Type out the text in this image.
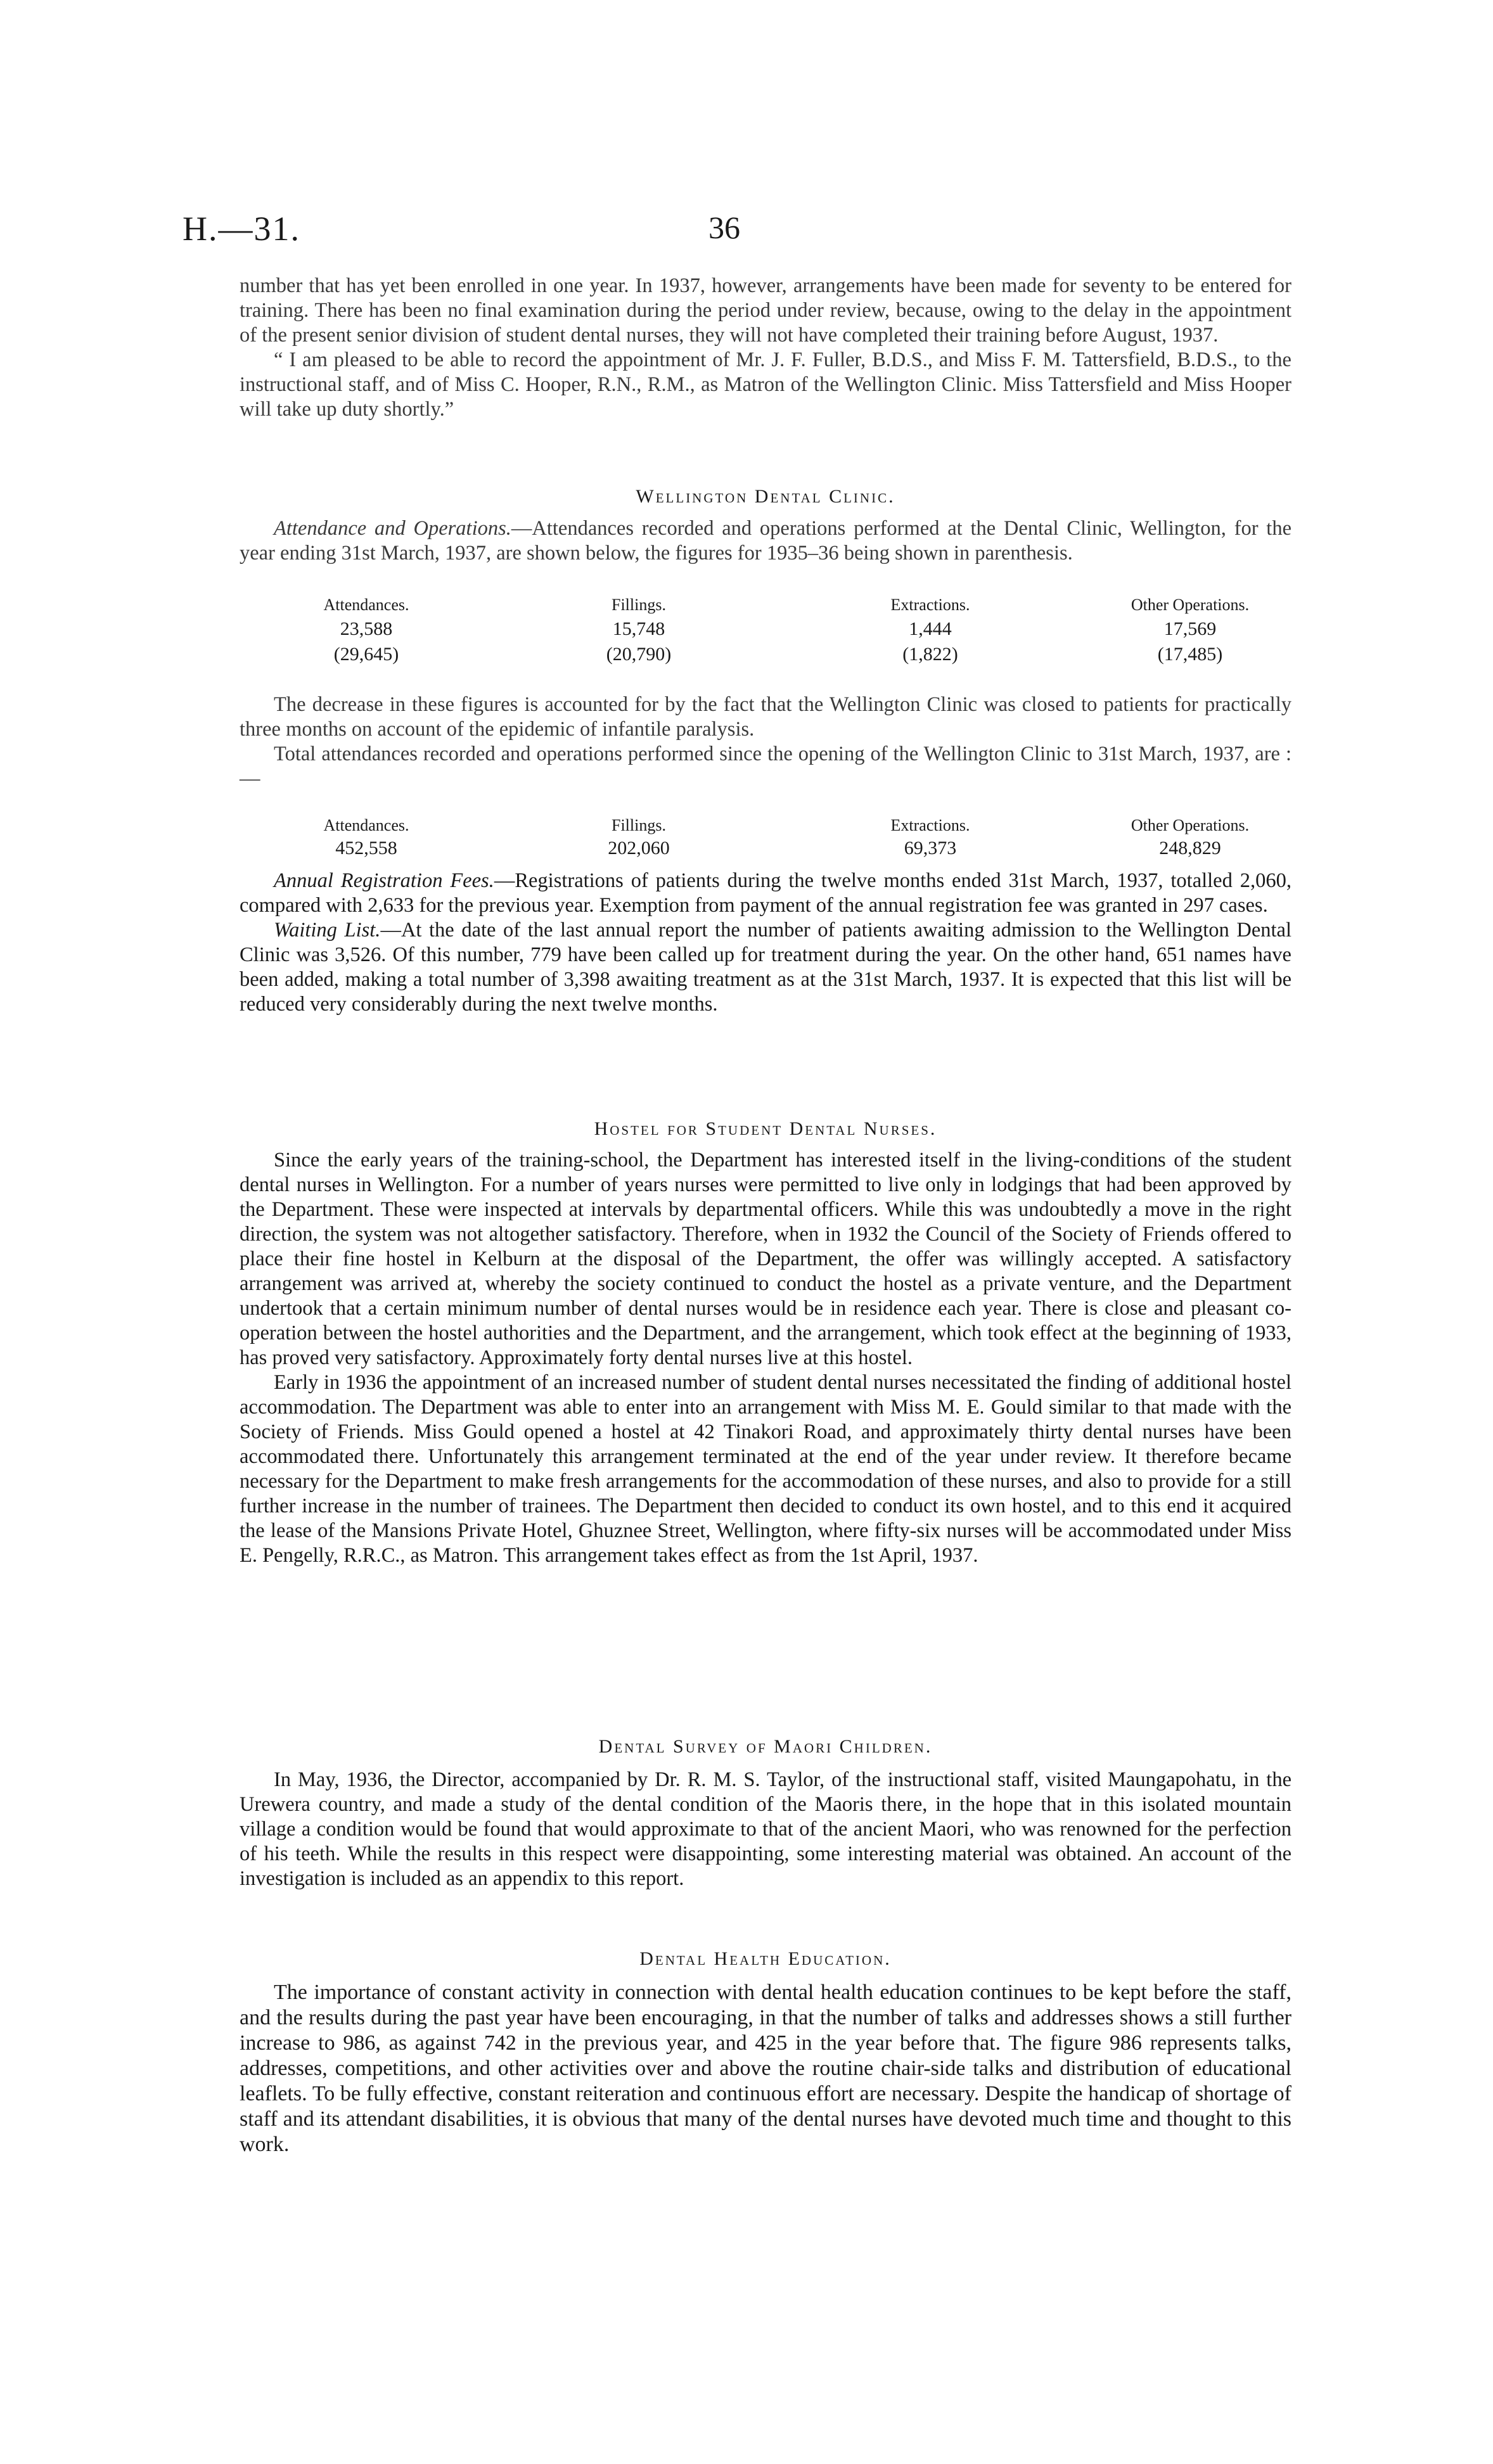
H.—31.	36

number that has yet been enrolled in one year. In 1937, however, arrangements have been made for seventy to be entered for training. There has been no final examination during the period under review, because, owing to the delay in the appointment of the present senior division of student dental nurses, they will not have completed their training before August, 1937.

“ I am pleased to be able to record the appointment of Mr. J. F. Fuller, B.D.S., and Miss F. M. Tattersfield, B.D.S., to the instructional staff, and of Miss C. Hooper, R.N., R.M., as Matron of the Wellington Clinic. Miss Tattersfield and Miss Hooper will take up duty shortly.”

Wellington Dental Clinic.

Attendance and Operations.—Attendances recorded and operations performed at the Dental Clinic, Wellington, for the year ending 31st March, 1937, are shown below, the figures for 1935–36 being shown in parenthesis.

Attendances.	Fillings.	Extractions.	Other Operations.
23,588	15,748	1,444	17,569
(29,645)	(20,790)	(1,822)	(17,485)

The decrease in these figures is accounted for by the fact that the Wellington Clinic was closed to patients for practically three months on account of the epidemic of infantile paralysis.

Total attendances recorded and operations performed since the opening of the Wellington Clinic to 31st March, 1937, are :—

Attendances.	Fillings.	Extractions.	Other Operations.
452,558	202,060	69,373	248,829

Annual Registration Fees.—Registrations of patients during the twelve months ended 31st March, 1937, totalled 2,060, compared with 2,633 for the previous year. Exemption from payment of the annual registration fee was granted in 297 cases.

Waiting List.—At the date of the last annual report the number of patients awaiting admission to the Wellington Dental Clinic was 3,526. Of this number, 779 have been called up for treatment during the year. On the other hand, 651 names have been added, making a total number of 3,398 awaiting treatment as at the 31st March, 1937. It is expected that this list will be reduced very considerably during the next twelve months.

Hostel for Student Dental Nurses.

Since the early years of the training-school, the Department has interested itself in the living-conditions of the student dental nurses in Wellington. For a number of years nurses were permitted to live only in lodgings that had been approved by the Department. These were inspected at intervals by departmental officers. While this was undoubtedly a move in the right direction, the system was not altogether satisfactory. Therefore, when in 1932 the Council of the Society of Friends offered to place their fine hostel in Kelburn at the disposal of the Department, the offer was willingly accepted. A satisfactory arrangement was arrived at, whereby the society continued to conduct the hostel as a private venture, and the Department undertook that a certain minimum number of dental nurses would be in residence each year. There is close and pleasant co-operation between the hostel authorities and the Department, and the arrangement, which took effect at the beginning of 1933, has proved very satisfactory. Approximately forty dental nurses live at this hostel.

Early in 1936 the appointment of an increased number of student dental nurses necessitated the finding of additional hostel accommodation. The Department was able to enter into an arrangement with Miss M. E. Gould similar to that made with the Society of Friends. Miss Gould opened a hostel at 42 Tinakori Road, and approximately thirty dental nurses have been accommodated there. Unfortunately this arrangement terminated at the end of the year under review. It therefore became necessary for the Department to make fresh arrangements for the accommodation of these nurses, and also to provide for a still further increase in the number of trainees. The Department then decided to conduct its own hostel, and to this end it acquired the lease of the Mansions Private Hotel, Ghuznee Street, Wellington, where fifty-six nurses will be accommodated under Miss E. Pengelly, R.R.C., as Matron. This arrangement takes effect as from the 1st April, 1937.

Dental Survey of Maori Children.

In May, 1936, the Director, accompanied by Dr. R. M. S. Taylor, of the instructional staff, visited Maungapohatu, in the Urewera country, and made a study of the dental condition of the Maoris there, in the hope that in this isolated mountain village a condition would be found that would approximate to that of the ancient Maori, who was renowned for the perfection of his teeth. While the results in this respect were disappointing, some interesting material was obtained. An account of the investigation is included as an appendix to this report.

Dental Health Education.

The importance of constant activity in connection with dental health education continues to be kept before the staff, and the results during the past year have been encouraging, in that the number of talks and addresses shows a still further increase to 986, as against 742 in the previous year, and 425 in the year before that. The figure 986 represents talks, addresses, competitions, and other activities over and above the routine chair-side talks and distribution of educational leaflets. To be fully effective, constant reiteration and continuous effort are necessary. Despite the handicap of shortage of staff and its attendant disabilities, it is obvious that many of the dental nurses have devoted much time and thought to this work.
